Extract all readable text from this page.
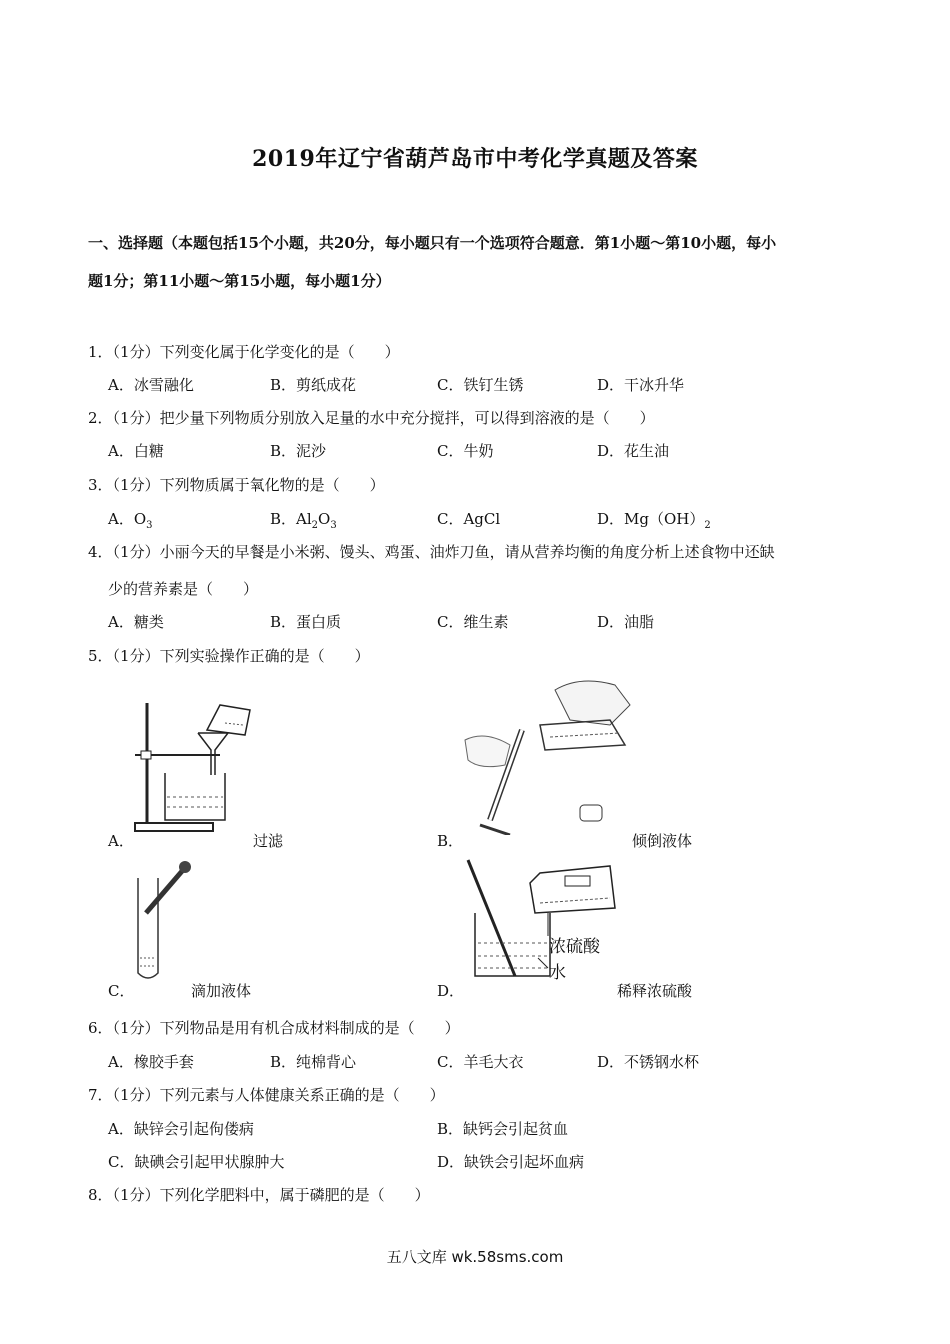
2019年辽宁省葫芦岛市中考化学真题及答案
一、选择题（本题包括15个小题，共20分，每小题只有一个选项符合题意．第1小题～第10小题，每小
题1分；第11小题～第15小题，每小题1分）
1．（1分）下列变化属于化学变化的是（　　）
A．冰雪融化	B．剪纸成花	C．铁钉生锈	D．干冰升华
2．（1分）把少量下列物质分别放入足量的水中充分搅拌，可以得到溶液的是（　　）
A．白糖	B．泥沙	C．牛奶	D．花生油
3．（1分）下列物质属于氧化物的是（　　）
A．$O_3$	B．$Al_2O_3$	C．AgCl	D．$Mg(OH)_2$
4．（1分）小丽今天的早餐是小米粥、馒头、鸡蛋、油炸刀鱼，请从营养均衡的角度分析上述食物中还缺
少的营养素是（　　）
A．糖类	B．蛋白质	C．维生素	D．油脂
5．（1分）下列实验操作正确的是（　　）
A．	过滤	B．	倾倒液体
C．	滴加液体
浓硫酸
水
D．	稀释浓硫酸
6．（1分）下列物品是用有机合成材料制成的是（　　）
A．橡胶手套	B．纯棉背心	C．羊毛大衣	D．不锈钢水杯
7．（1分）下列元素与人体健康关系正确的是（　　）
A．缺锌会引起佝偻病	B．缺钙会引起贫血
C．缺碘会引起甲状腺肿大	D．缺铁会引起坏血病
8．（1分）下列化学肥料中，属于磷肥的是（　　）
五八文库 wk.58sms.com
